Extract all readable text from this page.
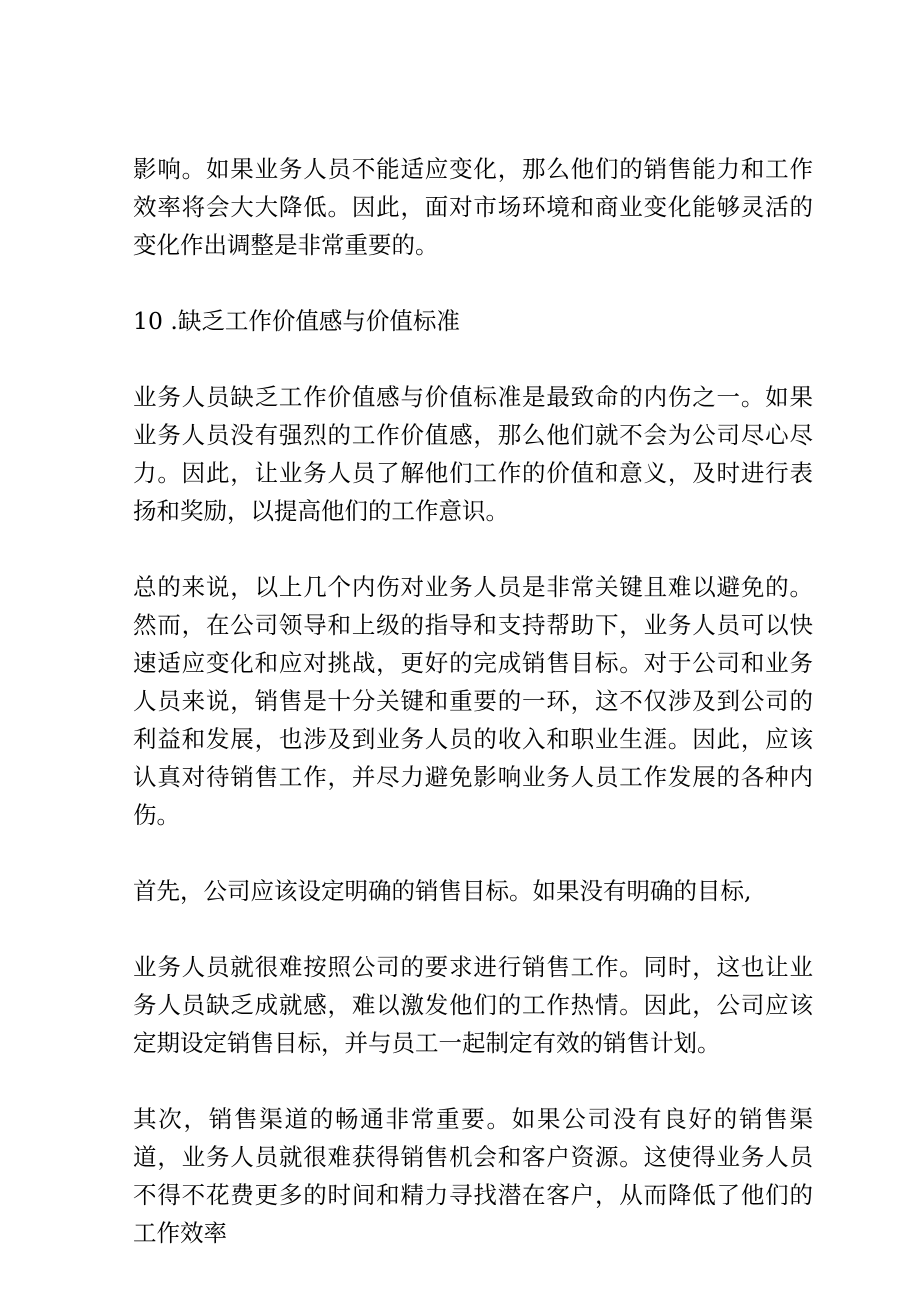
影响。如果业务人员不能适应变化，那么他们的销售能力和工作效率将会大大降低。因此，面对市场环境和商业变化能够灵活的变化作出调整是非常重要的。

10 .缺乏工作价值感与价值标准

业务人员缺乏工作价值感与价值标准是最致命的内伤之一。如果业务人员没有强烈的工作价值感，那么他们就不会为公司尽心尽力。因此，让业务人员了解他们工作的价值和意义，及时进行表扬和奖励，以提高他们的工作意识。

总的来说，以上几个内伤对业务人员是非常关键且难以避免的。然而，在公司领导和上级的指导和支持帮助下，业务人员可以快速适应变化和应对挑战，更好的完成销售目标。对于公司和业务人员来说，销售是十分关键和重要的一环，这不仅涉及到公司的利益和发展，也涉及到业务人员的收入和职业生涯。因此，应该认真对待销售工作，并尽力避免影响业务人员工作发展的各种内伤。

首先，公司应该设定明确的销售目标。如果没有明确的目标,

业务人员就很难按照公司的要求进行销售工作。同时，这也让业务人员缺乏成就感，难以激发他们的工作热情。因此，公司应该定期设定销售目标，并与员工一起制定有效的销售计划。

其次，销售渠道的畅通非常重要。如果公司没有良好的销售渠道，业务人员就很难获得销售机会和客户资源。这使得业务人员不得不花费更多的时间和精力寻找潜在客户，从而降低了他们的工作效率
